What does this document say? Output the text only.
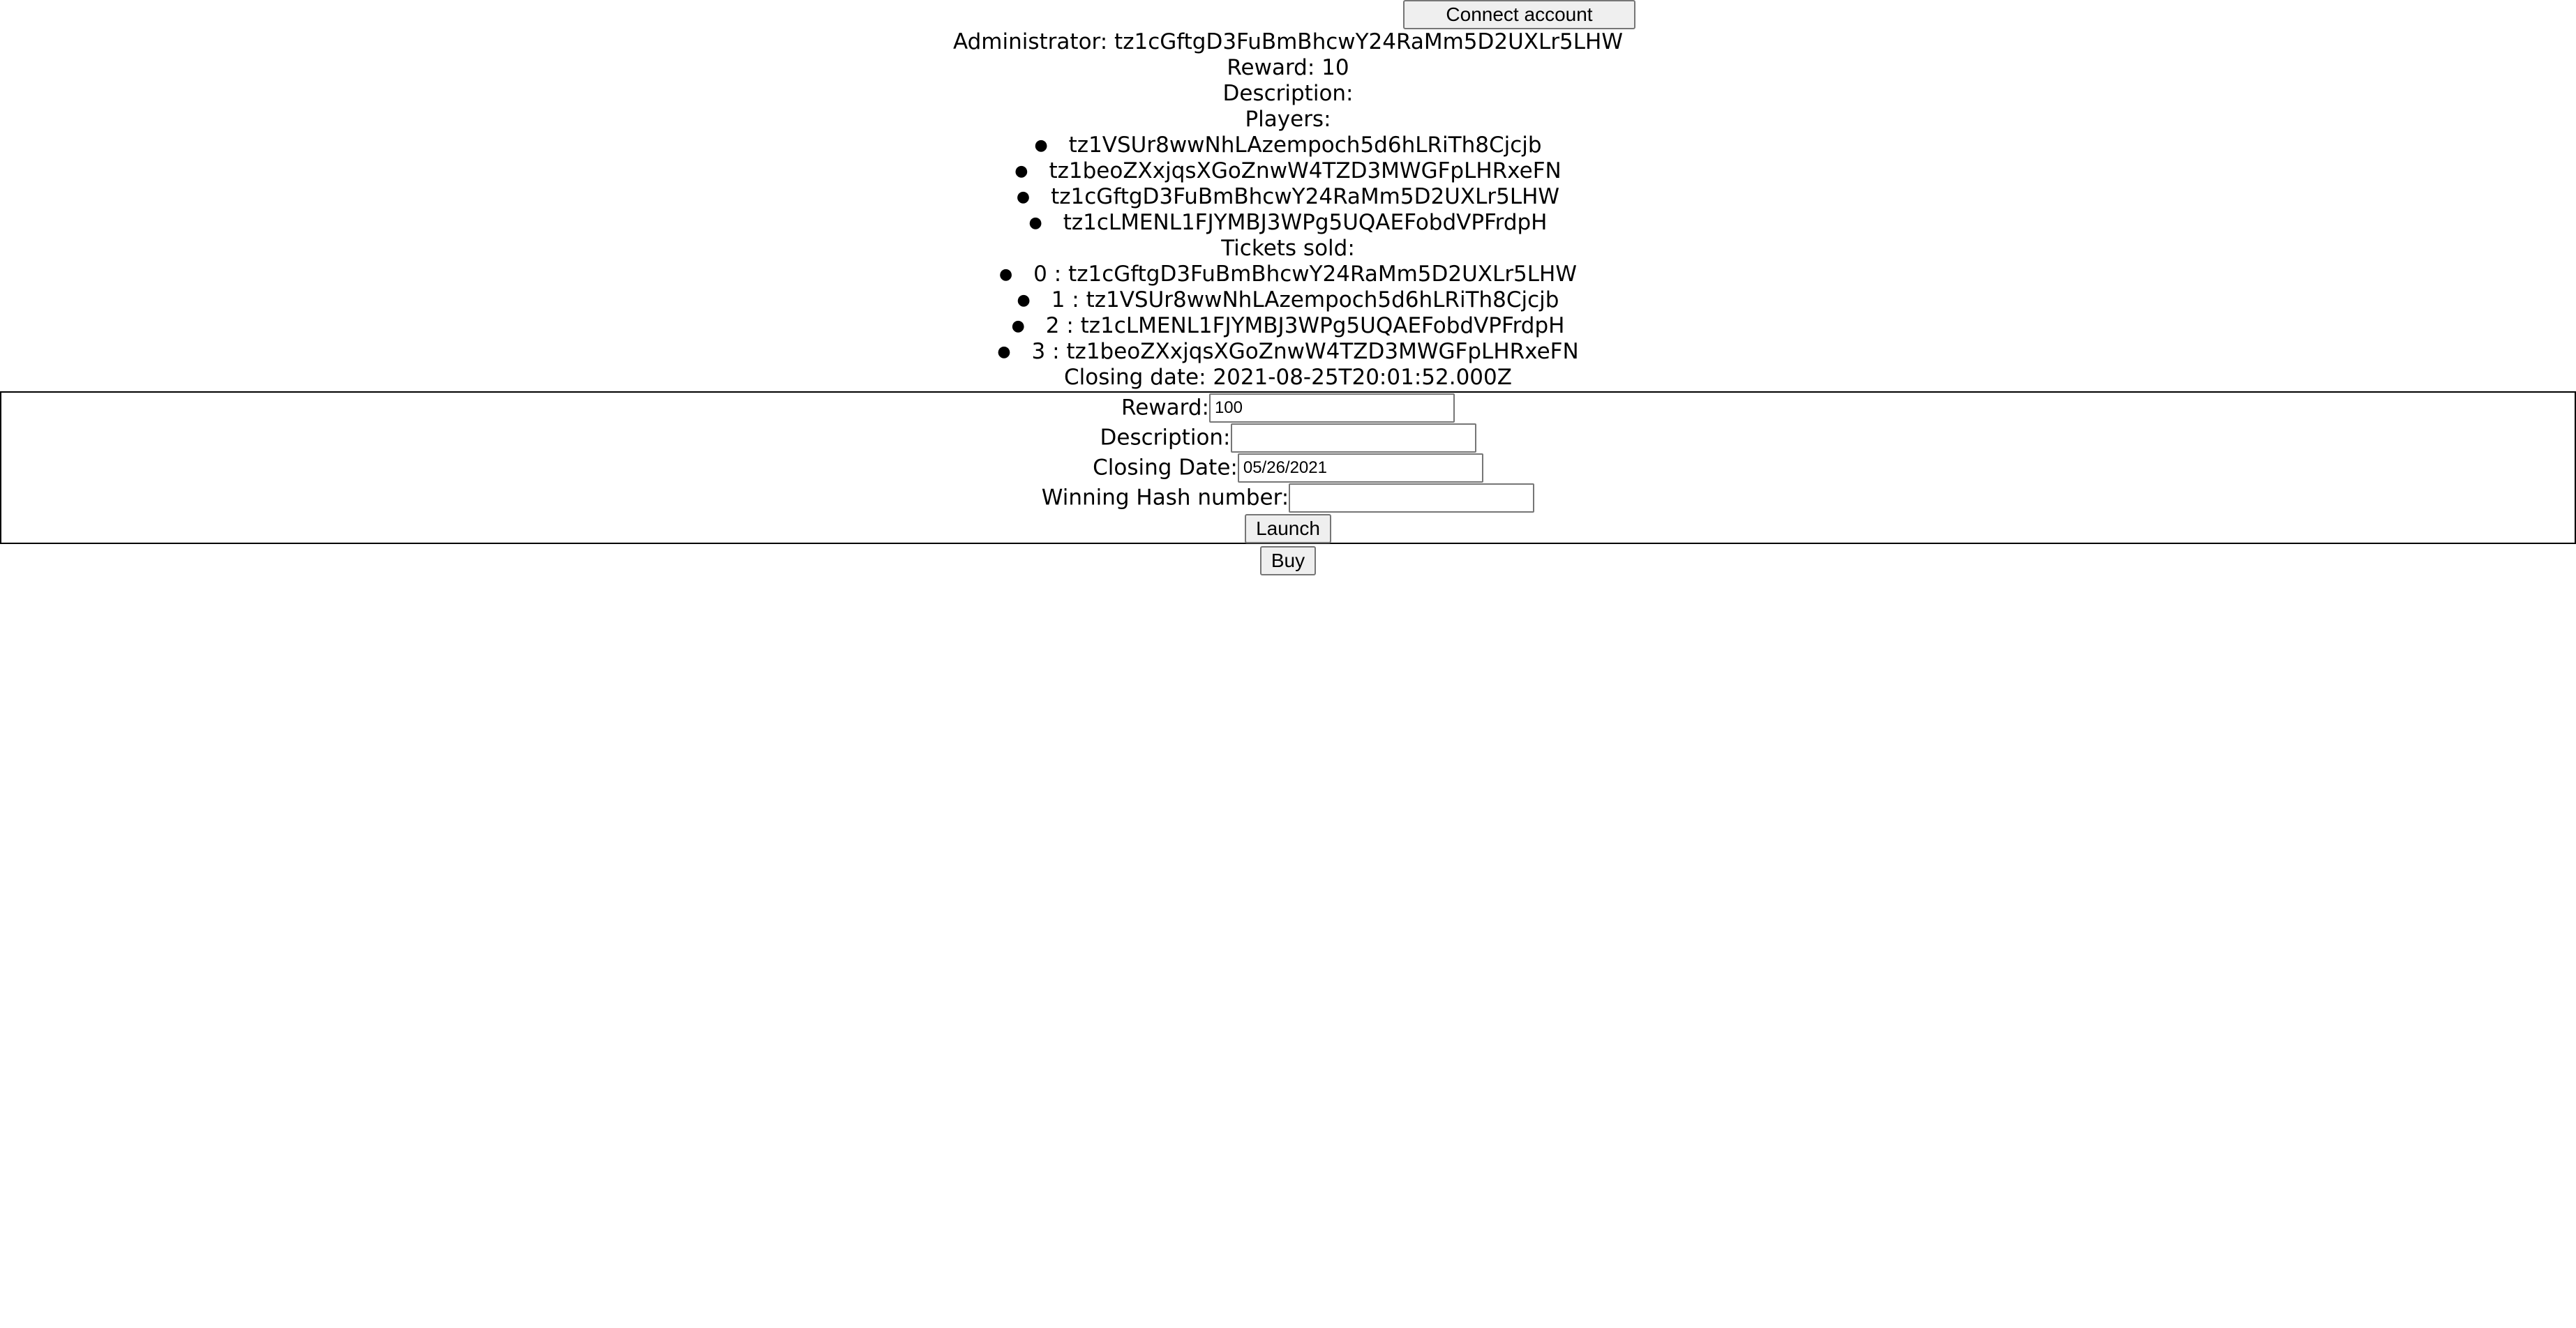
Connect account
Administrator: tz1cGftgD3FuBmBhcwY24RaMm5D2UXLr5LHW
Reward: 10
Description:
Players:
● tz1VSUr8wwNhLAzempoch5d6hLRiTh8Cjcjb
● tz1beoZXxjqsXGoZnwW4TZD3MWGFpLHRxeFN
● tz1cGftgD3FuBmBhcwY24RaMm5D2UXLr5LHW
● tz1cLMENL1FJYMBJ3WPg5UQAEFobdVPFrdpH
Tickets sold:
● 0 : tz1cGftgD3FuBmBhcwY24RaMm5D2UXLr5LHW
● 1 : tz1VSUr8wwNhLAzempoch5d6hLRiTh8Cjcjb
● 2 : tz1cLMENL1FJYMBJ3WPg5UQAEFobdVPFrdpH
● 3 : tz1beoZXxjqsXGoZnwW4TZD3MWGFpLHRxeFN
Closing date: 2021-08-25T20:01:52.000Z
Reward:100
Description:
Closing Date:05/26/2021
Winning Hash number:
Launch
Buy
